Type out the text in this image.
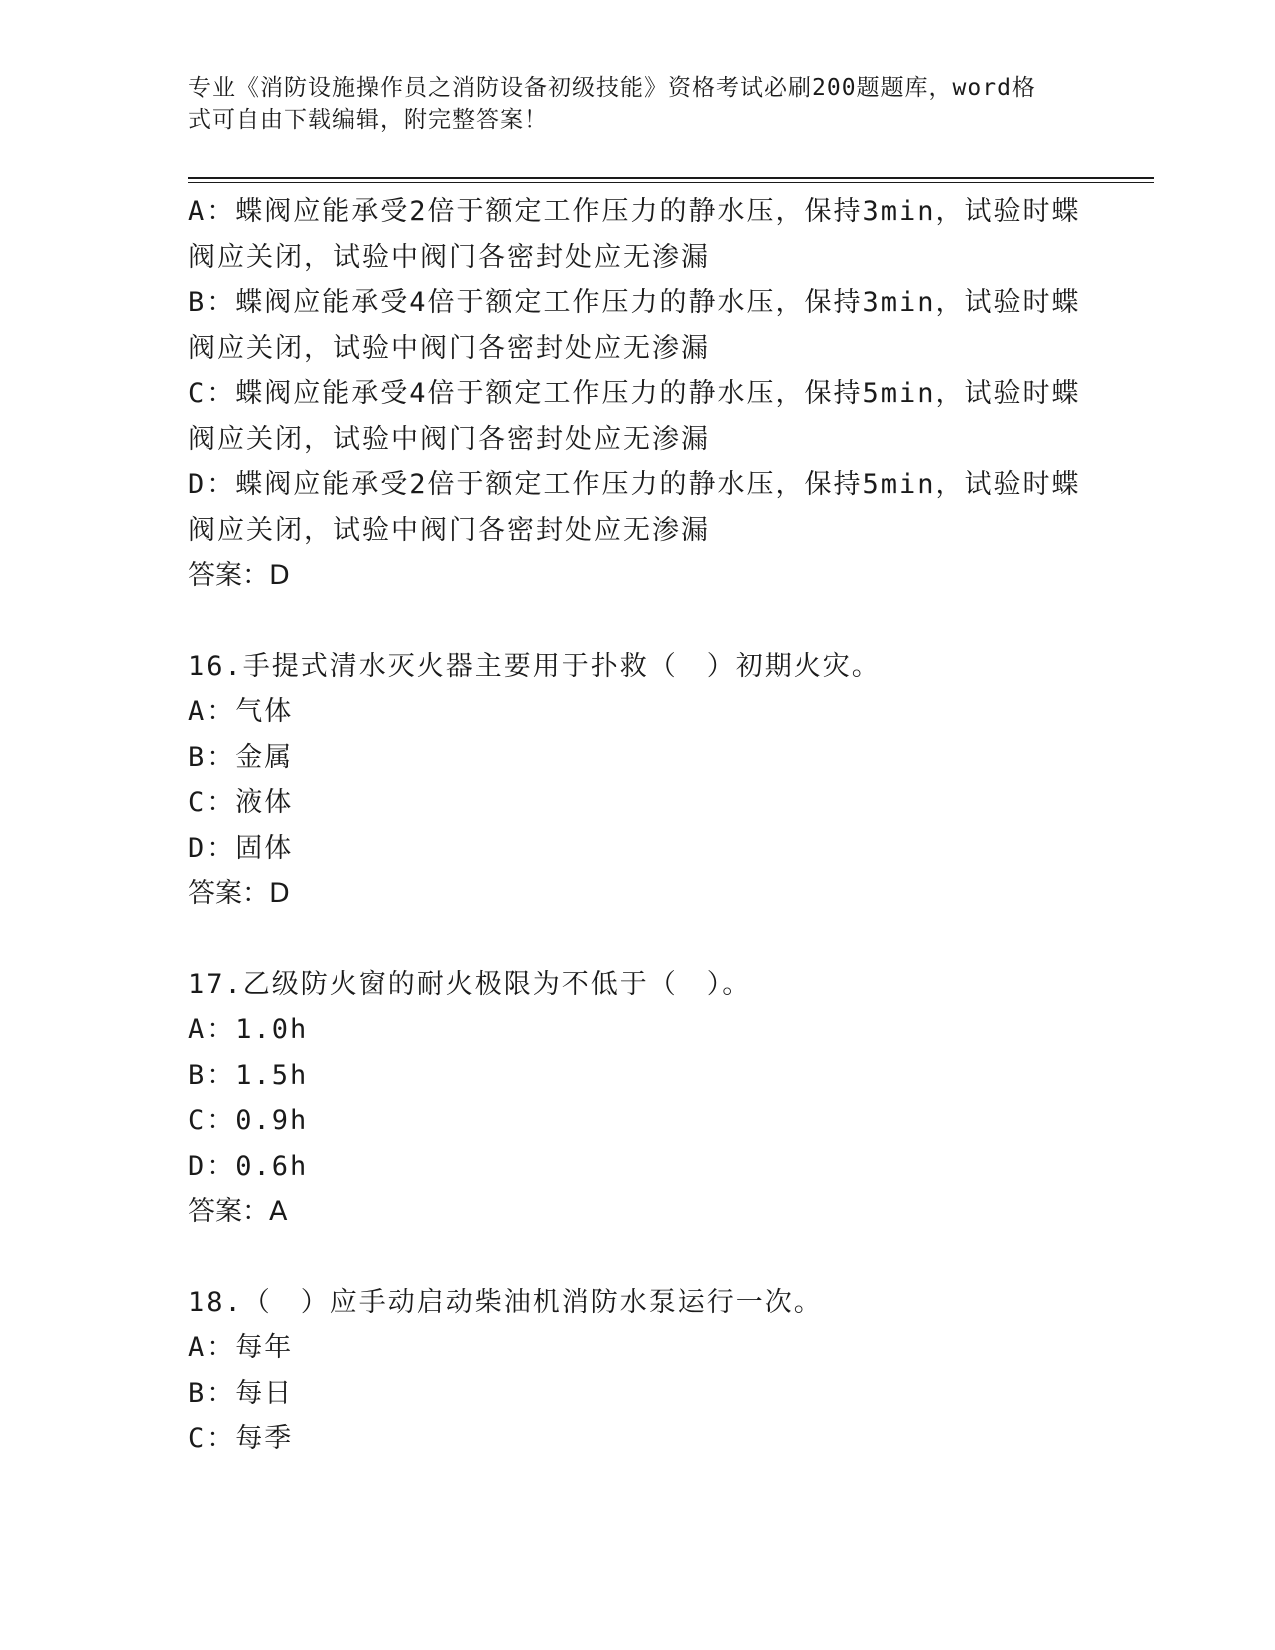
专业《消防设施操作员之消防设备初级技能》资格考试必刷200题题库，word格
式可自由下载编辑，附完整答案！
A：蝶阀应能承受2倍于额定工作压力的静水压，保持3min，试验时蝶
阀应关闭，试验中阀门各密封处应无渗漏
B：蝶阀应能承受4倍于额定工作压力的静水压，保持3min，试验时蝶
阀应关闭，试验中阀门各密封处应无渗漏
C：蝶阀应能承受4倍于额定工作压力的静水压，保持5min，试验时蝶
阀应关闭，试验中阀门各密封处应无渗漏
D：蝶阀应能承受2倍于额定工作压力的静水压，保持5min，试验时蝶
阀应关闭，试验中阀门各密封处应无渗漏
答案：D
16.手提式清水灭火器主要用于扑救（　）初期火灾。
A：气体
B：金属
C：液体
D：固体
答案：D
17.乙级防火窗的耐火极限为不低于（　）。
A：1.0h
B：1.5h
C：0.9h
D：0.6h
答案：A
18.（　）应手动启动柴油机消防水泵运行一次。
A：每年
B：每日
C：每季
